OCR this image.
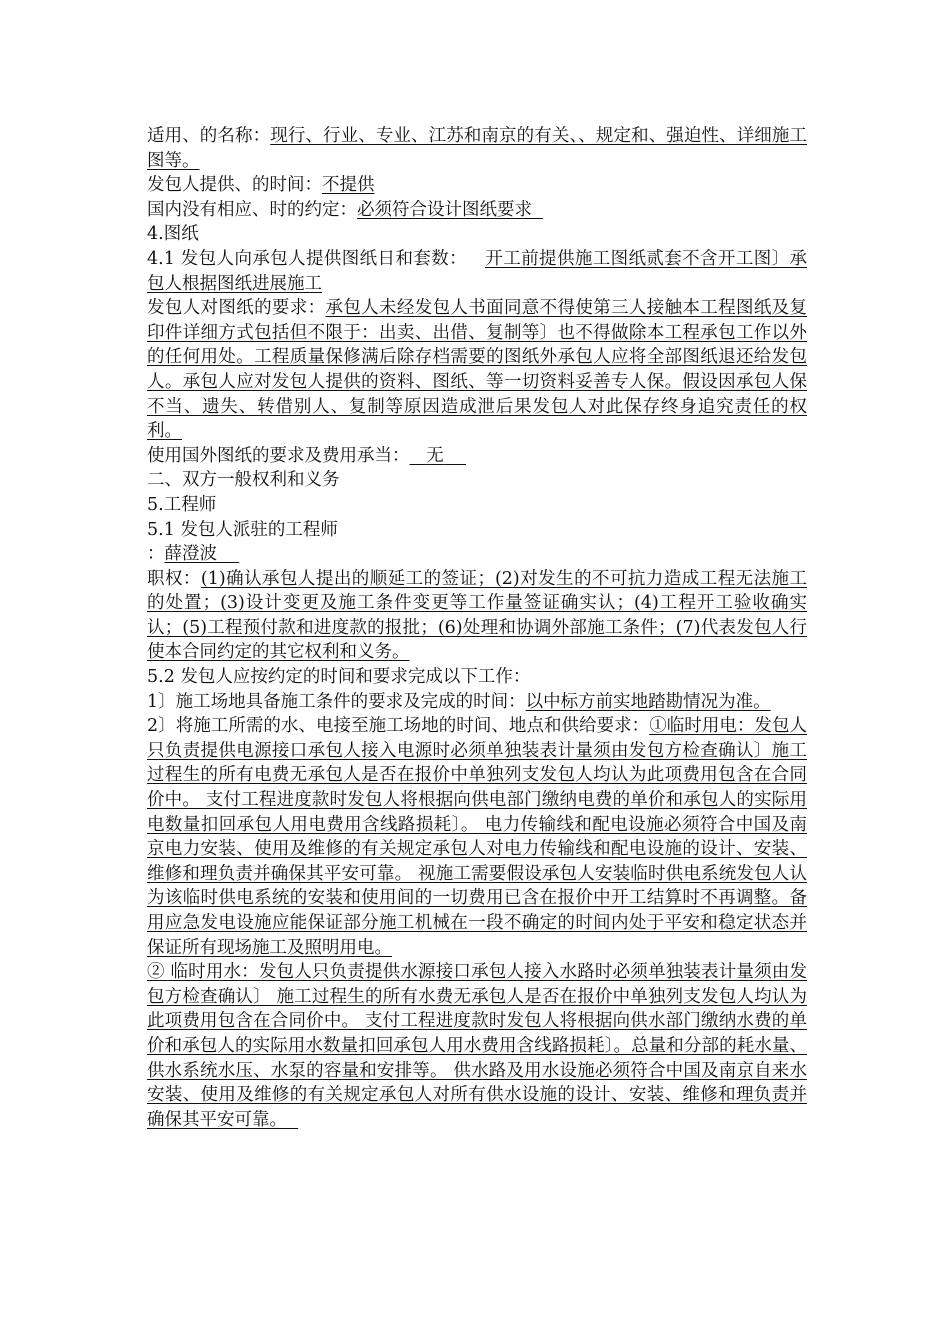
适用、的名称：现行、行业、专业、江苏和南京的有关、、规定和、强迫性、详细施工图等。

发包人提供、的时间：不提供

国内没有相应、时的约定：必须符合设计图纸要求

4.图纸

4.1 发包人向承包人提供图纸日和套数： 开工前提供施工图纸贰套不含开工图〕承包人根据图纸进展施工

发包人对图纸的要求：承包人未经发包人书面同意不得使第三人接触本工程图纸及复印件详细方式包括但不限于：出卖、出借、复制等〕也不得做除本工程承包工作以外的任何用处。工程质量保修满后除存档需要的图纸外承包人应将全部图纸退还给发包人。承包人应对发包人提供的资料、图纸、等一切资料妥善专人保。假设因承包人保不当、遗失、转借别人、复制等原因造成泄后果发包人对此保存终身追究责任的权利。

使用国外图纸的要求及费用承当： 无

二、双方一般权利和义务

5.工程师

5.1 发包人派驻的工程师

：薛澄波

职权：(1)确认承包人提出的顺延工的签证；(2)对发生的不可抗力造成工程无法施工的处置；(3)设计变更及施工条件变更等工作量签证确实认；(4)工程开工验收确实认；(5)工程预付款和进度款的报批；(6)处理和协调外部施工条件；(7)代表发包人行使本合同约定的其它权利和义务。

5.2 发包人应按约定的时间和要求完成以下工作：

1〕施工场地具备施工条件的要求及完成的时间：以中标方前实地踏勘情况为准。

2〕将施工所需的水、电接至施工场地的时间、地点和供给要求：①临时用电：发包人只负责提供电源接口承包人接入电源时必须单独装表计量须由发包方检查确认〕施工过程生的所有电费无承包人是否在报价中单独列支发包人均认为此项费用包含在合同价中。 支付工程进度款时发包人将根据向供电部门缴纳电费的单价和承包人的实际用电数量扣回承包人用电费用含线路损耗〕。 电力传输线和配电设施必须符合中国及南京电力安装、使用及维修的有关规定承包人对电力传输线和配电设施的设计、安装、维修和理负责并确保其平安可靠。 视施工需要假设承包人安装临时供电系统发包人认为该临时供电系统的安装和使用间的一切费用已含在报价中开工结算时不再调整。备用应急发电设施应能保证部分施工机械在一段不确定的时间内处于平安和稳定状态并保证所有现场施工及照明用电。

② 临时用水：发包人只负责提供水源接口承包人接入水路时必须单独装表计量须由发包方检查确认〕 施工过程生的所有水费无承包人是否在报价中单独列支发包人均认为此项费用包含在合同价中。 支付工程进度款时发包人将根据向供水部门缴纳水费的单价和承包人的实际用水数量扣回承包人用水费用含线路损耗〕。总量和分部的耗水量、供水系统水压、水泵的容量和安排等。 供水路及用水设施必须符合中国及南京自来水安装、使用及维修的有关规定承包人对所有供水设施的设计、安装、维修和理负责并确保其平安可靠。
